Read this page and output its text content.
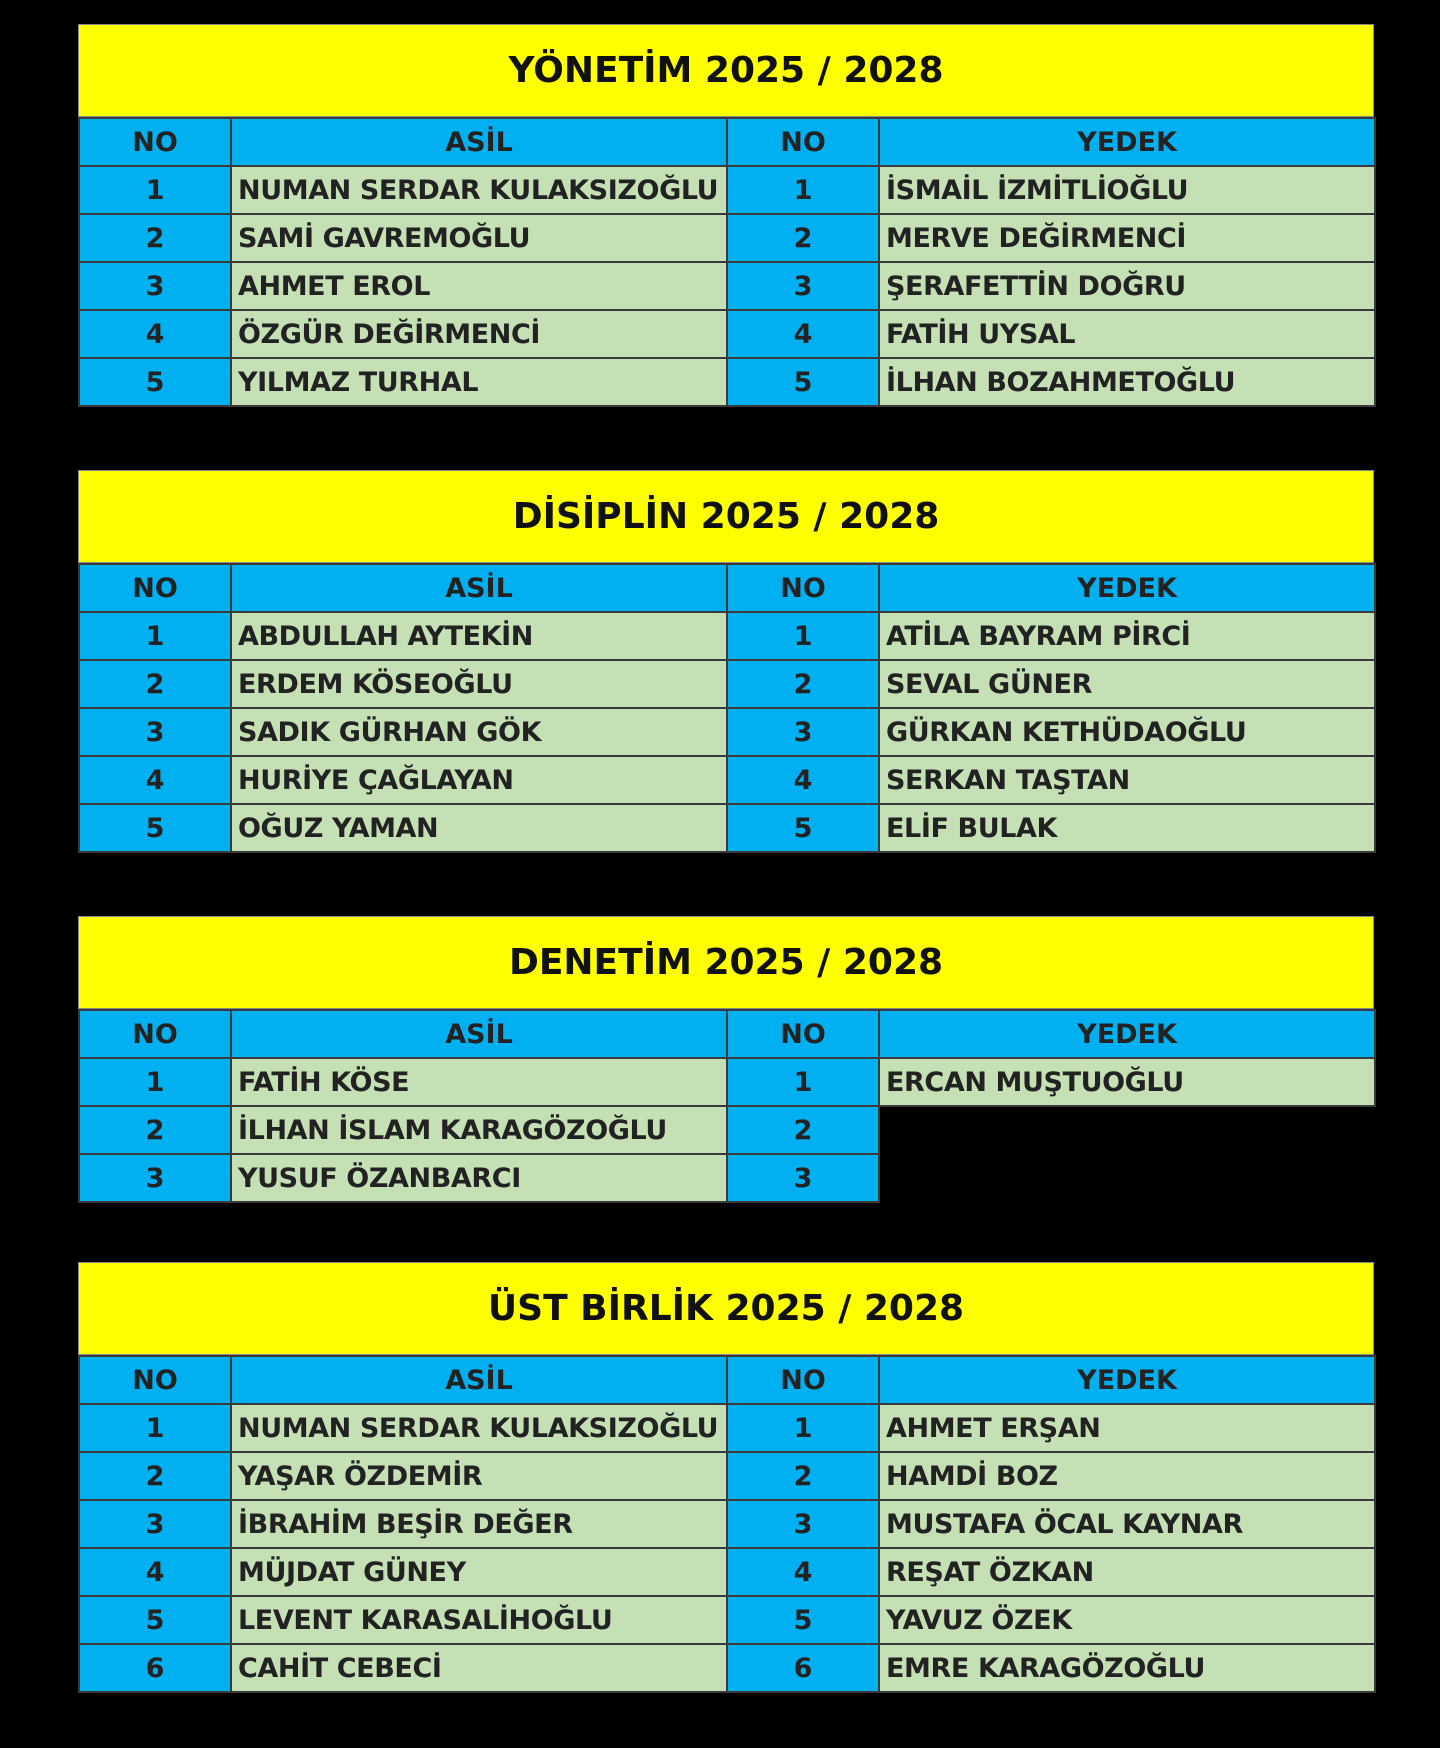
YÖNETİM 2025 / 2028
NO	ASİL	NO	YEDEK
1	NUMAN SERDAR KULAKSIZOĞLU	1	İSMAİL İZMİTLİOĞLU
2	SAMİ GAVREMOĞLU	2	MERVE DEĞİRMENCİ
3	AHMET EROL	3	ŞERAFETTİN DOĞRU
4	ÖZGÜR DEĞİRMENCİ	4	FATİH UYSAL
5	YILMAZ TURHAL	5	İLHAN BOZAHMETOĞLU
DİSİPLİN 2025 / 2028
NO	ASİL	NO	YEDEK
1	ABDULLAH AYTEKİN	1	ATİLA BAYRAM PİRCİ
2	ERDEM KÖSEOĞLU	2	SEVAL GÜNER
3	SADIK GÜRHAN GÖK	3	GÜRKAN KETHÜDAOĞLU
4	HURİYE ÇAĞLAYAN	4	SERKAN TAŞTAN
5	OĞUZ YAMAN	5	ELİF BULAK
DENETİM 2025 / 2028
NO	ASİL	NO	YEDEK
1	FATİH KÖSE	1	ERCAN MUŞTUOĞLU
2	İLHAN İSLAM KARAGÖZOĞLU	2	
3	YUSUF ÖZANBARCI	3	
ÜST BİRLİK 2025 / 2028
NO	ASİL	NO	YEDEK
1	NUMAN SERDAR KULAKSIZOĞLU	1	AHMET ERŞAN
2	YAŞAR ÖZDEMİR	2	HAMDİ BOZ
3	İBRAHİM BEŞİR DEĞER	3	MUSTAFA ÖCAL KAYNAR
4	MÜJDAT GÜNEY	4	REŞAT ÖZKAN
5	LEVENT KARASALİHOĞLU	5	YAVUZ ÖZEK
6	CAHİT CEBECİ	6	EMRE KARAGÖZOĞLU
